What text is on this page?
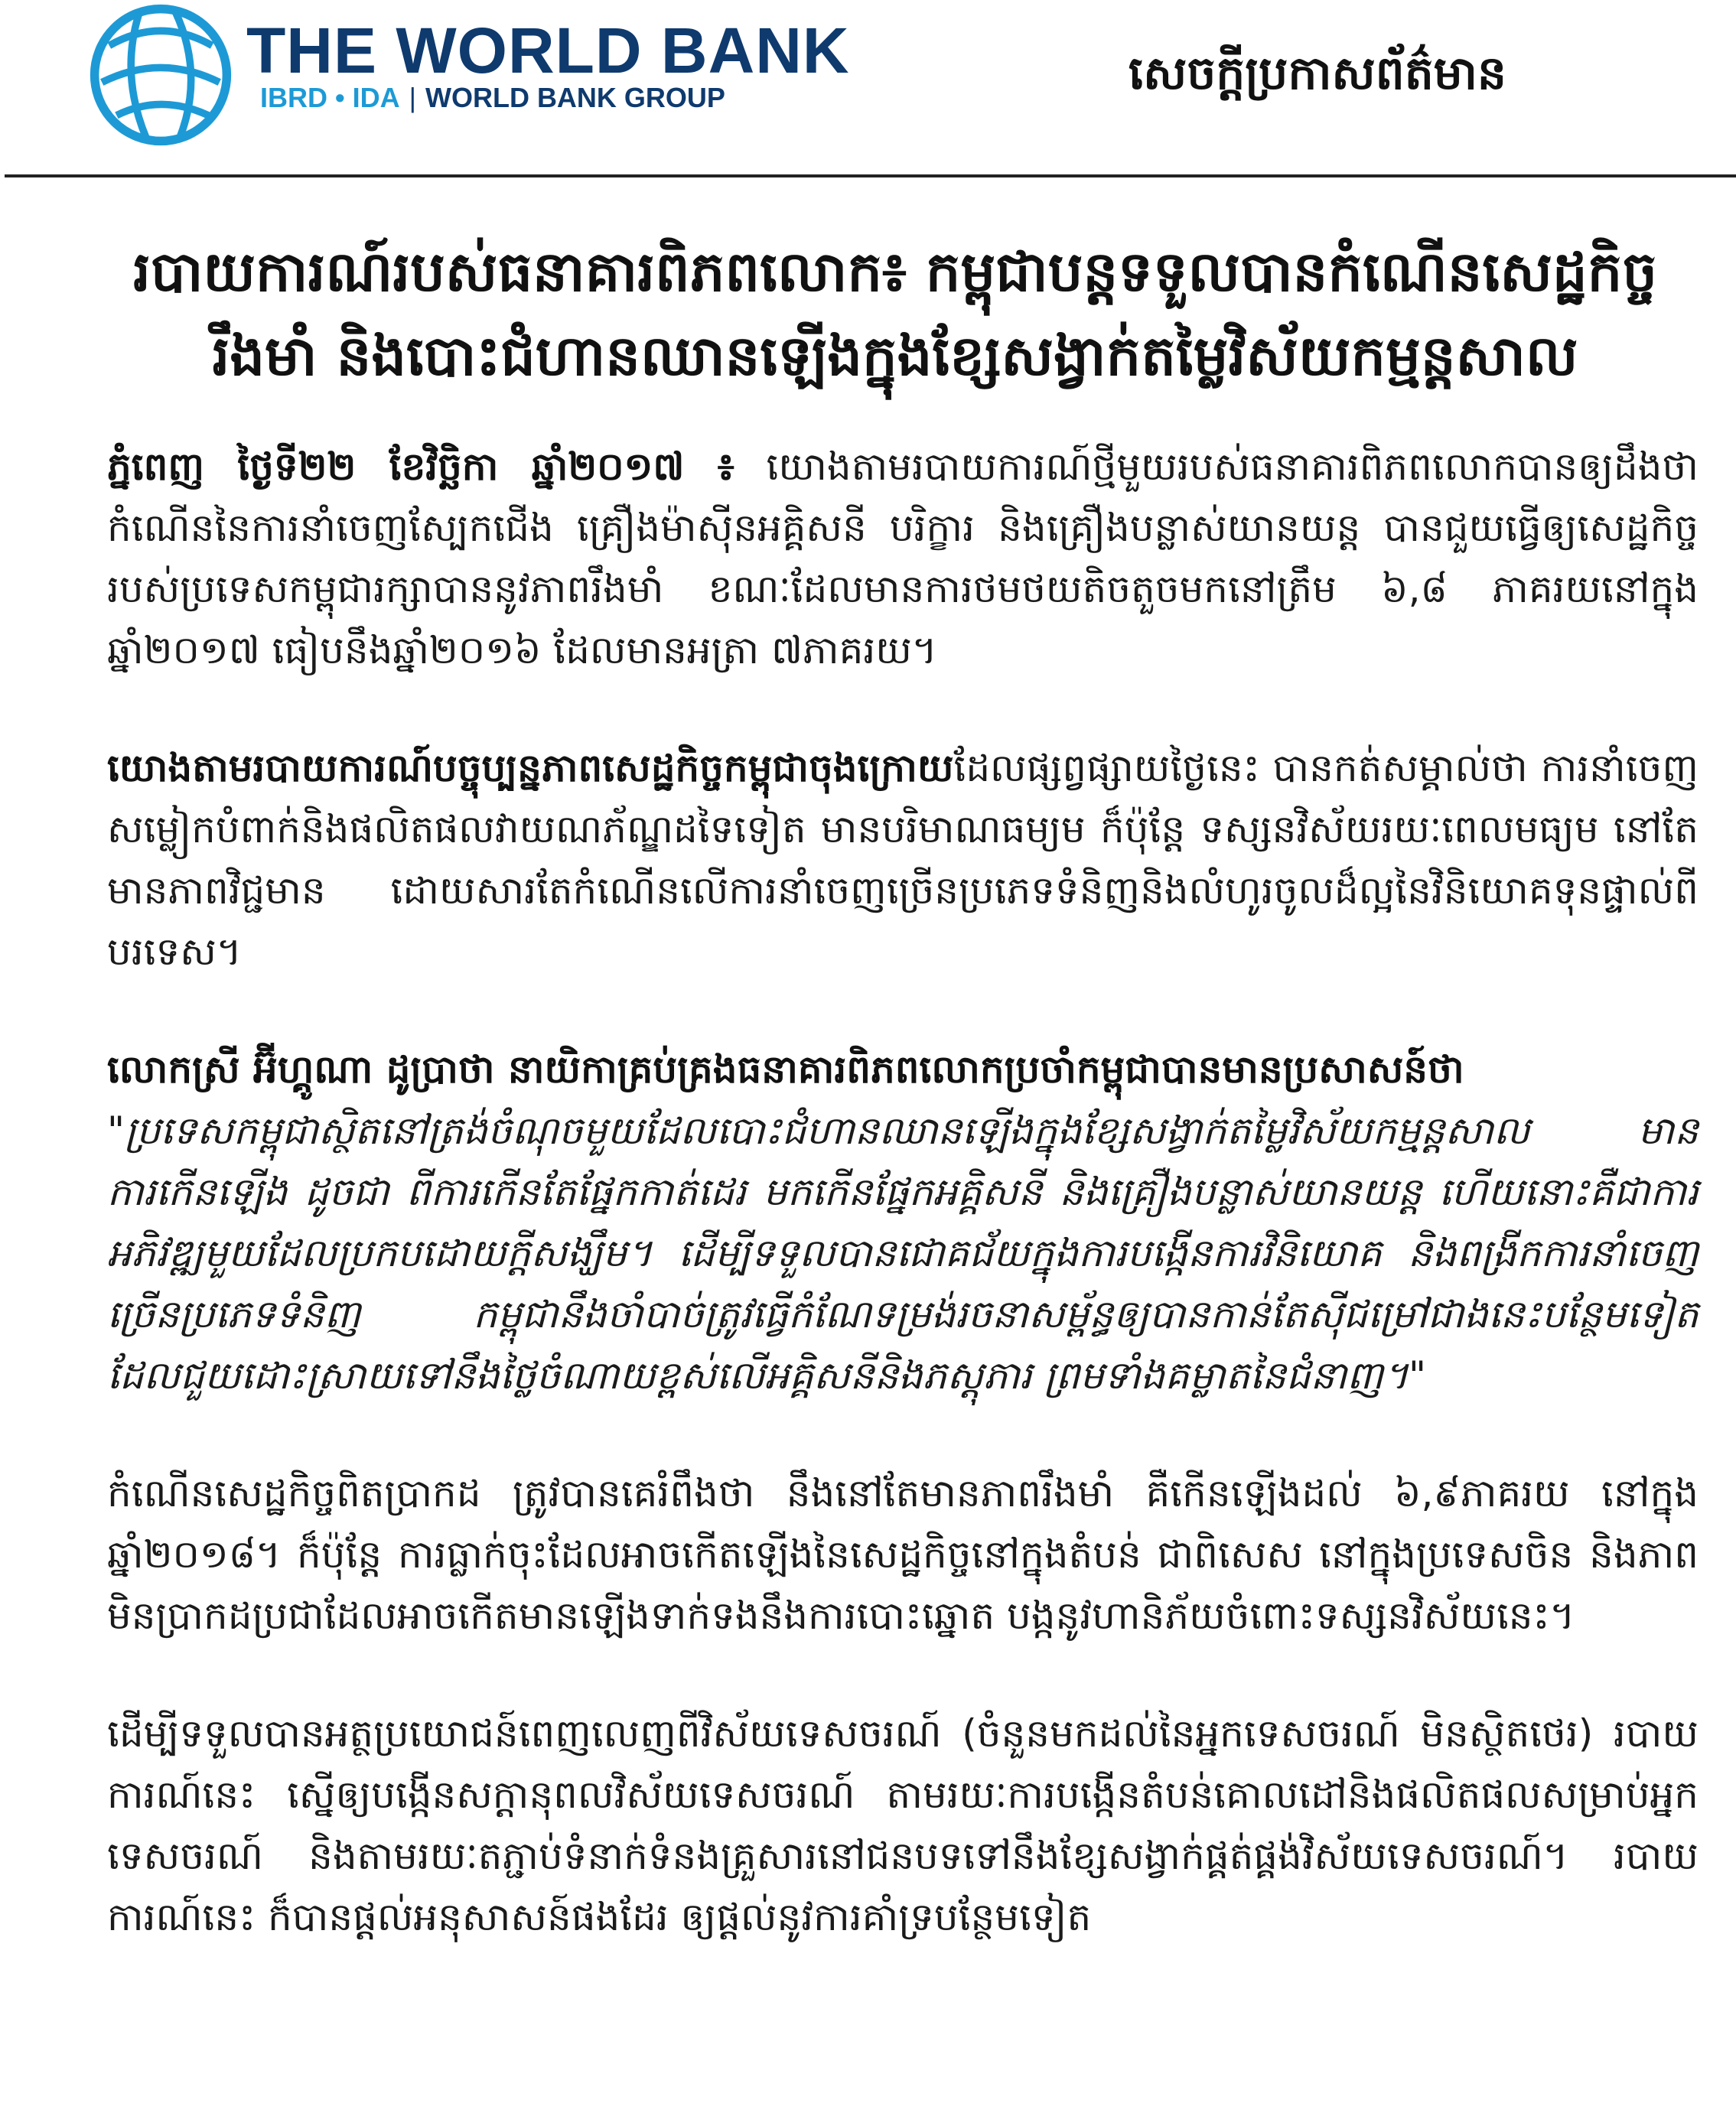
THE WORLD BANK
IBRD • IDA | WORLD BANK GROUP	សេចក្តីប្រកាសព័ត៌មាន
របាយការណ៍របស់ធនាគារពិភពលោក៖ កម្ពុជាបន្តទទួលបានកំណើនសេដ្ឋកិច្ចរឹងមាំ និងបោះជំហានឈានឡើងក្នុងខ្សែសង្វាក់តម្លៃវិស័យកម្មន្តសាល

ភ្នំពេញ ថ្ងៃទី២២ ខែវិច្ឆិកា ឆ្នាំ២០១៧ ៖ យោងតាមរបាយការណ៍ថ្មីមួយរបស់ធនាគារពិភពលោកបានឲ្យដឹងថា កំណើននៃការនាំចេញស្បែកជើង គ្រឿងម៉ាស៊ីនអគ្គិសនី បរិក្ខារ និងគ្រឿងបន្លាស់យានយន្ត បានជួយធ្វើឲ្យសេដ្ឋកិច្ចរបស់ប្រទេសកម្ពុជារក្សាបាននូវភាពរឹងមាំ ខណៈដែលមានការថមថយតិចតួចមកនៅត្រឹម ៦,៨ ភាគរយនៅក្នុងឆ្នាំ២០១៧ ធៀបនឹងឆ្នាំ២០១៦ ដែលមានអត្រា ៧ភាគរយ។

យោងតាមរបាយការណ៍បច្ចុប្បន្នភាពសេដ្ឋកិច្ចកម្ពុជាចុងក្រោយដែលផ្សព្វផ្សាយថ្ងៃនេះ បានកត់សម្គាល់ថា ការនាំចេញសម្លៀកបំពាក់និងផលិតផលវាយណភ័ណ្ឌដទៃទៀត មានបរិមាណធម្យម ក៏ប៉ុន្តែ ទស្សនវិស័យរយៈពេលមធ្យម នៅតែមានភាពវិជ្ជមាន ដោយសារតែកំណើនលើការនាំចេញច្រើនប្រភេទទំនិញនិងលំហូរចូលដ៏ល្អនៃវិនិយោគទុនផ្ទាល់ពីបរទេស។

លោកស្រី អ៊ីហ្គូណា ដូប្រាថា នាយិកាគ្រប់គ្រងធនាគារពិភពលោកប្រចាំកម្ពុជាបានមានប្រសាសន៍ថា
"ប្រទេសកម្ពុជាស្ថិតនៅត្រង់ចំណុចមួយដែលបោះជំហានឈានឡើងក្នុងខ្សែសង្វាក់តម្លៃវិស័យកម្មន្តសាល មានការកើនឡើង ដូចជា ពីការកើនតែផ្នែកកាត់ដេរ មកកើនផ្នែកអគ្គិសនី និងគ្រឿងបន្លាស់យានយន្ត ហើយនោះគឺជាការអភិវឌ្ឍមួយដែលប្រកបដោយក្តីសង្ឃឹម។ ដើម្បីទទួលបានជោគជ័យក្នុងការបង្កើនការវិនិយោគ និងពង្រីកការនាំចេញច្រើនប្រភេទទំនិញ កម្ពុជានឹងចាំបាច់ត្រូវធ្វើកំណែទម្រង់រចនាសម្ព័ន្ធឲ្យបានកាន់តែស៊ីជម្រៅជាងនេះបន្ថែមទៀត ដែលជួយដោះស្រាយទៅនឹងថ្លៃចំណាយខ្ពស់លើអគ្គិសនីនិងភស្តុភារ ព្រមទាំងគម្លាតនៃជំនាញ។"

កំណើនសេដ្ឋកិច្ចពិតប្រាកដ ត្រូវបានគេរំពឹងថា នឹងនៅតែមានភាពរឹងមាំ គឺកើនឡើងដល់ ៦,៩ភាគរយ នៅក្នុងឆ្នាំ២០១៨។ ក៏ប៉ុន្តែ ការធ្លាក់ចុះដែលអាចកើតឡើងនៃសេដ្ឋកិច្ចនៅក្នុងតំបន់ ជាពិសេស នៅក្នុងប្រទេសចិន និងភាពមិនប្រាកដប្រជាដែលអាចកើតមានឡើងទាក់ទងនឹងការបោះឆ្នោត បង្កនូវហានិភ័យចំពោះទស្សនវិស័យនេះ។

ដើម្បីទទួលបានអត្ថប្រយោជន៍ពេញលេញពីវិស័យទេសចរណ៍ (ចំនួនមកដល់នៃអ្នកទេសចរណ៍ មិនស្ថិតថេរ) របាយការណ៍នេះ ស្នើឲ្យបង្កើនសក្តានុពលវិស័យទេសចរណ៍ តាមរយៈការបង្កើនតំបន់គោលដៅនិងផលិតផលសម្រាប់អ្នកទេសចរណ៍ និងតាមរយៈតភ្ជាប់ទំនាក់ទំនងគ្រួសារនៅជនបទទៅនឹងខ្សែសង្វាក់ផ្គត់ផ្គង់វិស័យទេសចរណ៍។ របាយការណ៍នេះ ក៏បានផ្តល់អនុសាសន៍ផងដែរ ឲ្យផ្តល់នូវការគាំទ្របន្ថែមទៀត
